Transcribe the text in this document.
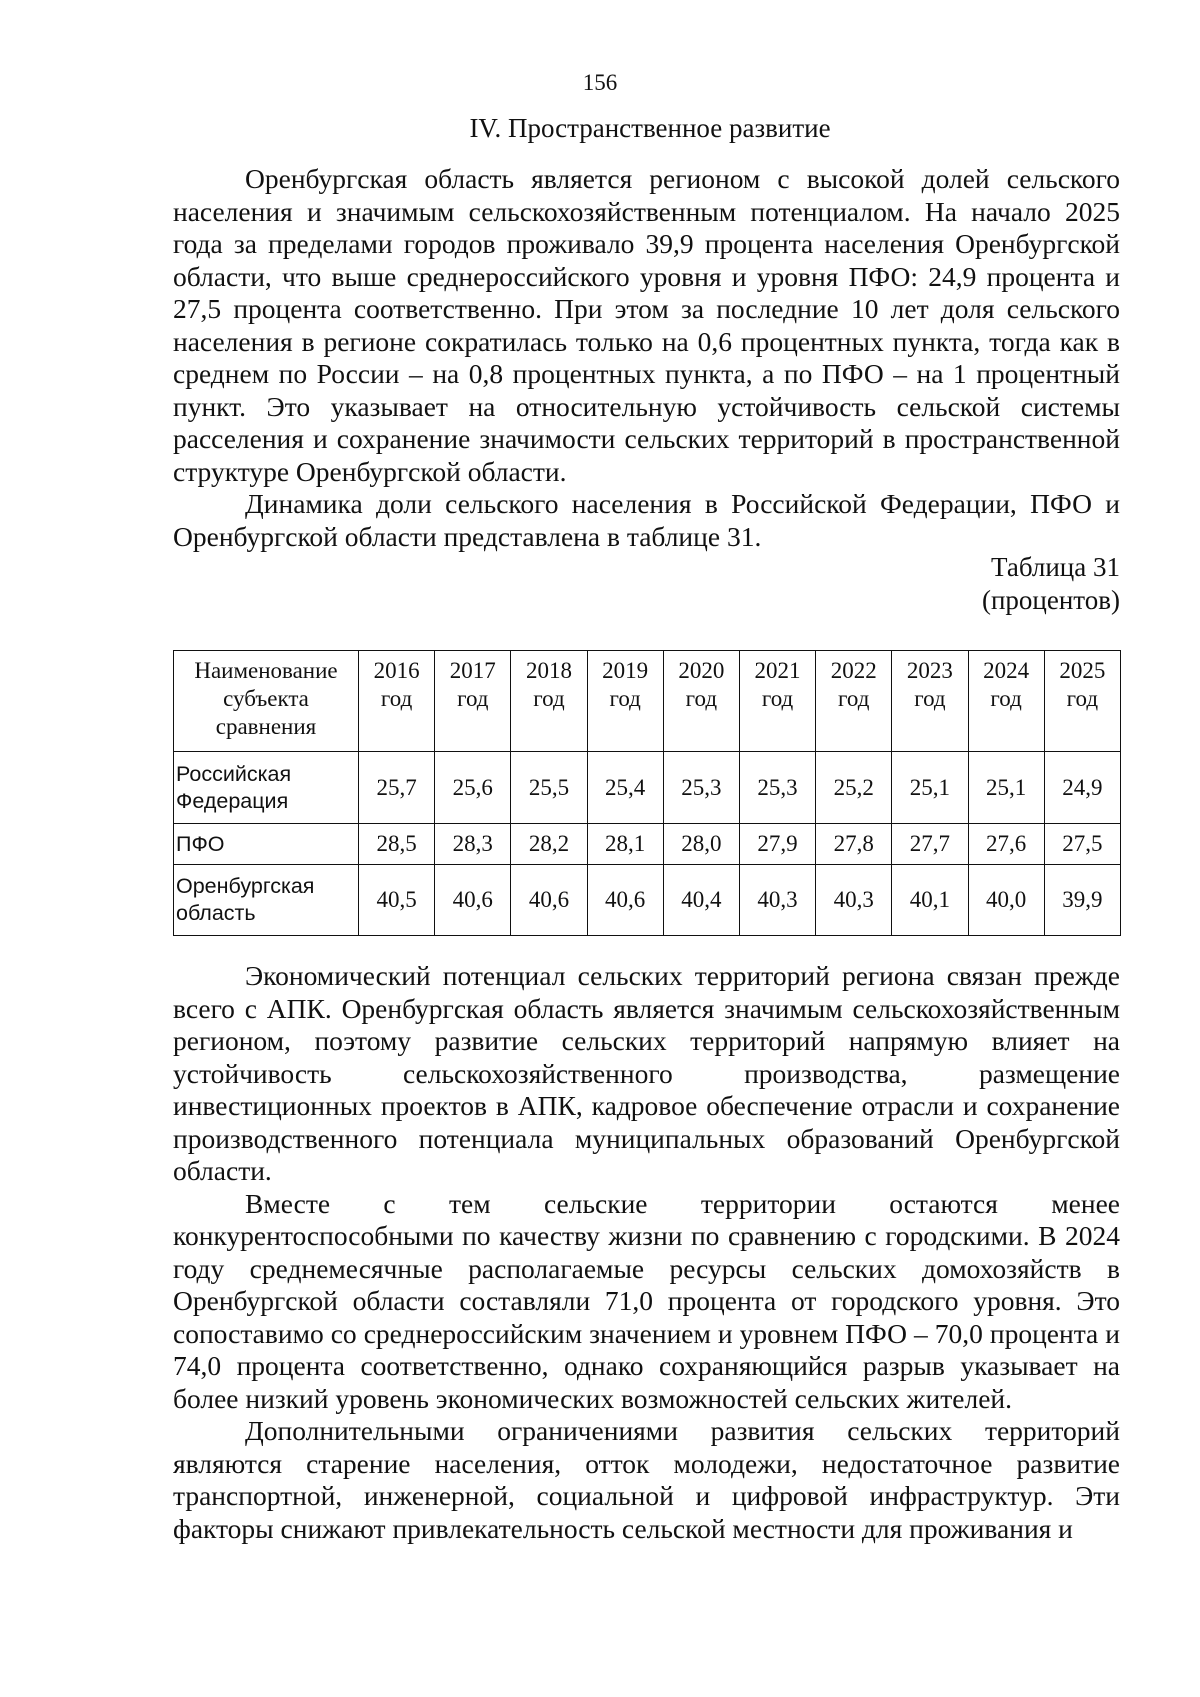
156
IV. Пространственное развитие

Оренбургская область является регионом с высокой долей сельского населения и значимым сельскохозяйственным потенциалом. На начало 2025 года за пределами городов проживало 39,9 процента населения Оренбургской области, что выше среднероссийского уровня и уровня ПФО: 24,9 процента и 27,5 процента соответственно. При этом за последние 10 лет доля сельского населения в регионе сократилась только на 0,6 процентных пункта, тогда как в среднем по России – на 0,8 процентных пункта, а по ПФО – на 1 процентный пункт. Это указывает на относительную устойчивость сельской системы расселения и сохранение значимости сельских территорий в пространственной структуре Оренбургской области.

Динамика доли сельского населения в Российской Федерации, ПФО и Оренбургской области представлена в таблице 31.

Таблица 31
(процентов)
Наименование субъекта сравнения	2016 год	2017 год	2018 год	2019 год	2020 год	2021 год	2022 год	2023 год	2024 год	2025 год
Российская Федерация	25,7	25,6	25,5	25,4	25,3	25,3	25,2	25,1	25,1	24,9
ПФО	28,5	28,3	28,2	28,1	28,0	27,9	27,8	27,7	27,6	27,5
Оренбургская область	40,5	40,6	40,6	40,6	40,4	40,3	40,3	40,1	40,0	39,9

Экономический потенциал сельских территорий региона связан прежде всего с АПК. Оренбургская область является значимым сельскохозяйственным регионом, поэтому развитие сельских территорий напрямую влияет на устойчивость сельскохозяйственного производства, размещение инвестиционных проектов в АПК, кадровое обеспечение отрасли и сохранение производственного потенциала муниципальных образований Оренбургской области.

Вместе с тем сельские территории остаются менее конкурентоспособными по качеству жизни по сравнению с городскими. В 2024 году среднемесячные располагаемые ресурсы сельских домохозяйств в Оренбургской области составляли 71,0 процента от городского уровня. Это сопоставимо со среднероссийским значением и уровнем ПФО – 70,0 процента и 74,0 процента соответственно, однако сохраняющийся разрыв указывает на более низкий уровень экономических возможностей сельских жителей.

Дополнительными ограничениями развития сельских территорий являются старение населения, отток молодежи, недостаточное развитие транспортной, инженерной, социальной и цифровой инфраструктур. Эти факторы снижают привлекательность сельской местности для проживания и
